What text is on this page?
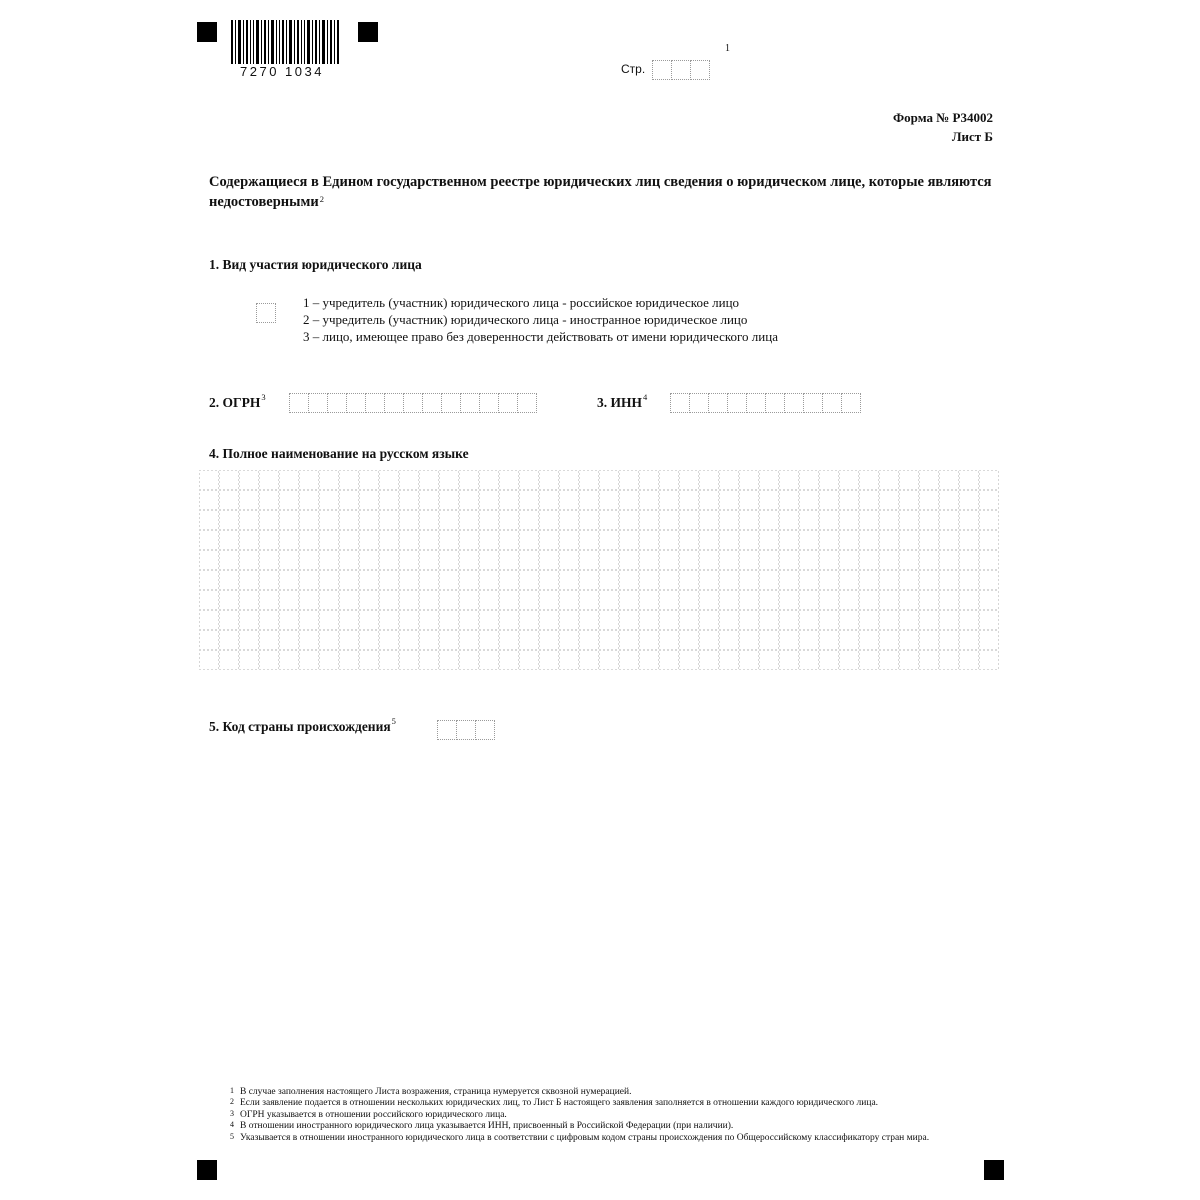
7270 1034	Стр.
1
Форма № Р34002
Лист Б
Содержащиеся в Едином государственном реестре юридических лиц сведения о юридическом лице, которые являются недостоверными$^2$
1. Вид участия юридического лица
1 – учредитель (участник) юридического лица - российское юридическое лицо
2 – учредитель (участник) юридического лица - иностранное юридическое лицо
3 – лицо, имеющее право без доверенности действовать от имени юридического лица
2. ОГРН$^3$	3. ИНН$^4$
4. Полное наименование на русском языке
5. Код страны происхождения$^5$
1 В случае заполнения настоящего Листа возражения, страница нумеруется сквозной нумерацией.
2 Если заявление подается в отношении нескольких юридических лиц, то Лист Б настоящего заявления заполняется в отношении каждого юридического лица.
3 ОГРН указывается в отношении российского юридического лица.
4 В отношении иностранного юридического лица указывается ИНН, присвоенный в Российской Федерации (при наличии).
5 Указывается в отношении иностранного юридического лица в соответствии с цифровым кодом страны происхождения по Общероссийскому классификатору стран мира.
